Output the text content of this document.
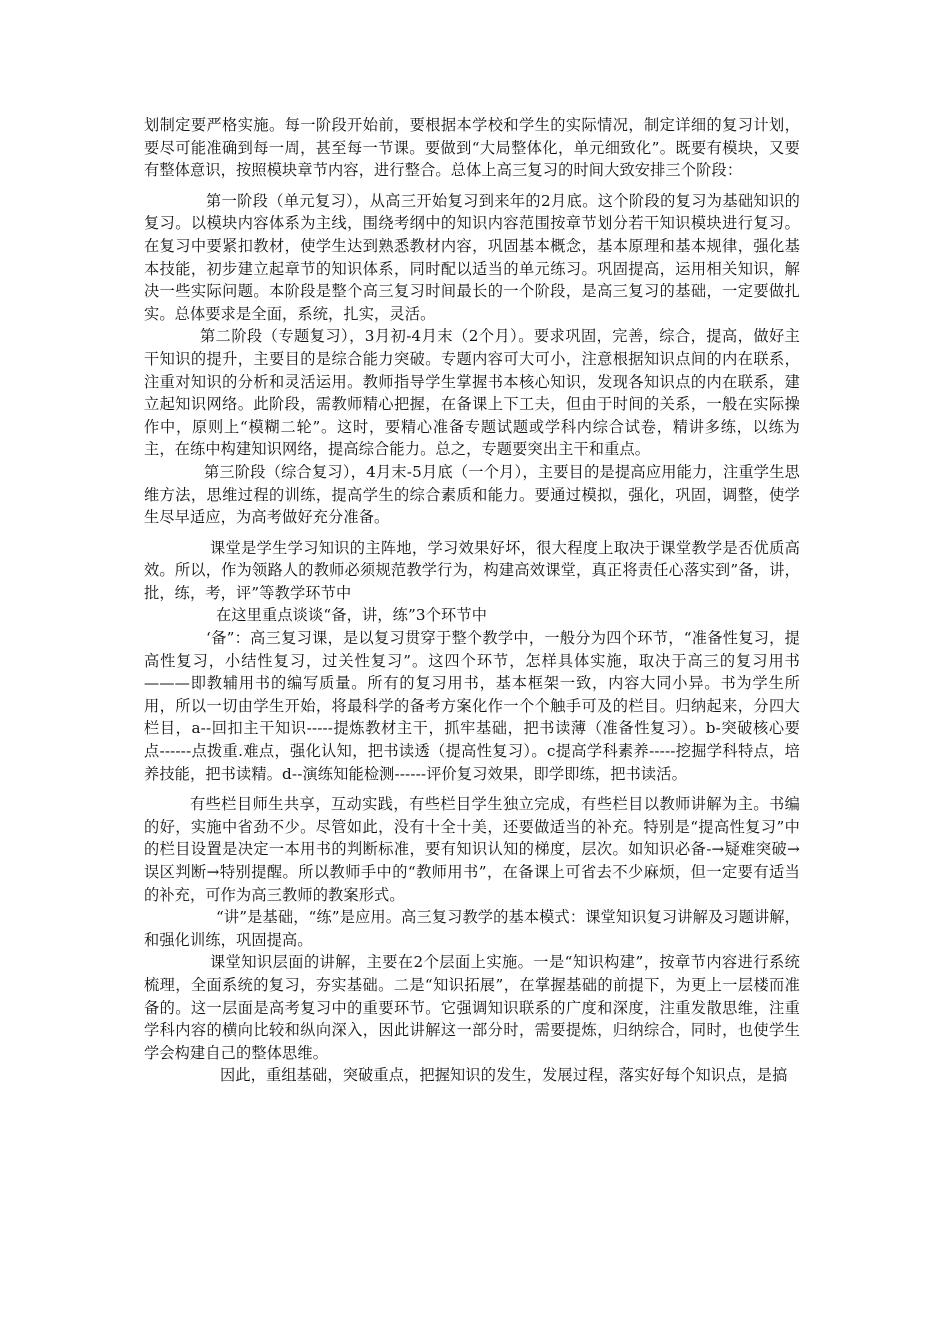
划制定要严格实施。每一阶段开始前，要根据本学校和学生的实际情况，制定详细的复习计划，要尽可能准确到每一周，甚至每一节课。要做到“大局整体化，单元细致化”。既要有模块，又要有整体意识，按照模块章节内容，进行整合。总体上高三复习的时间大致安排三个阶段：

第一阶段（单元复习），从高三开始复习到来年的2月底。这个阶段的复习为基础知识的复习。以模块内容体系为主线，围绕考纲中的知识内容范围按章节划分若干知识模块进行复习。在复习中要紧扣教材，使学生达到熟悉教材内容，巩固基本概念，基本原理和基本规律，强化基本技能，初步建立起章节的知识体系，同时配以适当的单元练习。巩固提高，运用相关知识，解决一些实际问题。本阶段是整个高三复习时间最长的一个阶段，是高三复习的基础，一定要做扎实。总体要求是全面，系统，扎实，灵活。

第二阶段（专题复习），3月初-4月末（2个月）。要求巩固，完善，综合，提高，做好主干知识的提升，主要目的是综合能力突破。专题内容可大可小，注意根据知识点间的内在联系，注重对知识的分析和灵活运用。教师指导学生掌握书本核心知识，发现各知识点的内在联系，建立起知识网络。此阶段，需教师精心把握，在备课上下工夫，但由于时间的关系，一般在实际操作中，原则上“模糊二轮”。这时，要精心准备专题试题或学科内综合试卷，精讲多练，以练为主，在练中构建知识网络，提高综合能力。总之，专题要突出主干和重点。

第三阶段（综合复习），4月末-5月底（一个月），主要目的是提高应用能力，注重学生思维方法，思维过程的训练，提高学生的综合素质和能力。要通过模拟，强化，巩固，调整，使学生尽早适应，为高考做好充分准备。

课堂是学生学习知识的主阵地，学习效果好坏，很大程度上取决于课堂教学是否优质高效。所以，作为领路人的教师必须规范教学行为，构建高效课堂，真正将责任心落实到”备，讲，批，练，考，评”等教学环节中

在这里重点谈谈“备，讲，练”3个环节中

‘备”：高三复习课，是以复习贯穿于整个教学中，一般分为四个环节，“准备性复习，提高性复习，小结性复习，过关性复习”。这四个环节，怎样具体实施，取决于高三的复习用书———即教辅用书的编写质量。所有的复习用书，基本框架一致，内容大同小异。书为学生所用，所以一切由学生开始，将最科学的备考方案化作一个个触手可及的栏目。归纳起来，分四大栏目，a--回扣主干知识-----提炼教材主干，抓牢基础，把书读薄（准备性复习）。b-突破核心要点------点拨重.难点，强化认知，把书读透（提高性复习）。c提高学科素养-----挖掘学科特点，培养技能，把书读精。d--演练知能检测------评价复习效果，即学即练，把书读活。

有些栏目师生共享，互动实践，有些栏目学生独立完成，有些栏目以教师讲解为主。书编的好，实施中省劲不少。尽管如此，没有十全十美，还要做适当的补充。特别是“提高性复习”中的栏目设置是决定一本用书的判断标准，要有知识认知的梯度，层次。如知识必备-→疑难突破→误区判断→特别提醒。所以教师手中的“教师用书”，在备课上可省去不少麻烦，但一定要有适当的补充，可作为高三教师的教案形式。

“讲”是基础，“练”是应用。高三复习教学的基本模式：课堂知识复习讲解及习题讲解，和强化训练，巩固提高。

课堂知识层面的讲解，主要在2个层面上实施。一是“知识构建”，按章节内容进行系统梳理，全面系统的复习，夯实基础。二是“知识拓展”，在掌握基础的前提下，为更上一层楼而准备的。这一层面是高考复习中的重要环节。它强调知识联系的广度和深度，注重发散思维，注重学科内容的横向比较和纵向深入，因此讲解这一部分时，需要提炼，归纳综合，同时，也使学生学会构建自己的整体思维。

因此，重组基础，突破重点，把握知识的发生，发展过程，落实好每个知识点，是搞
